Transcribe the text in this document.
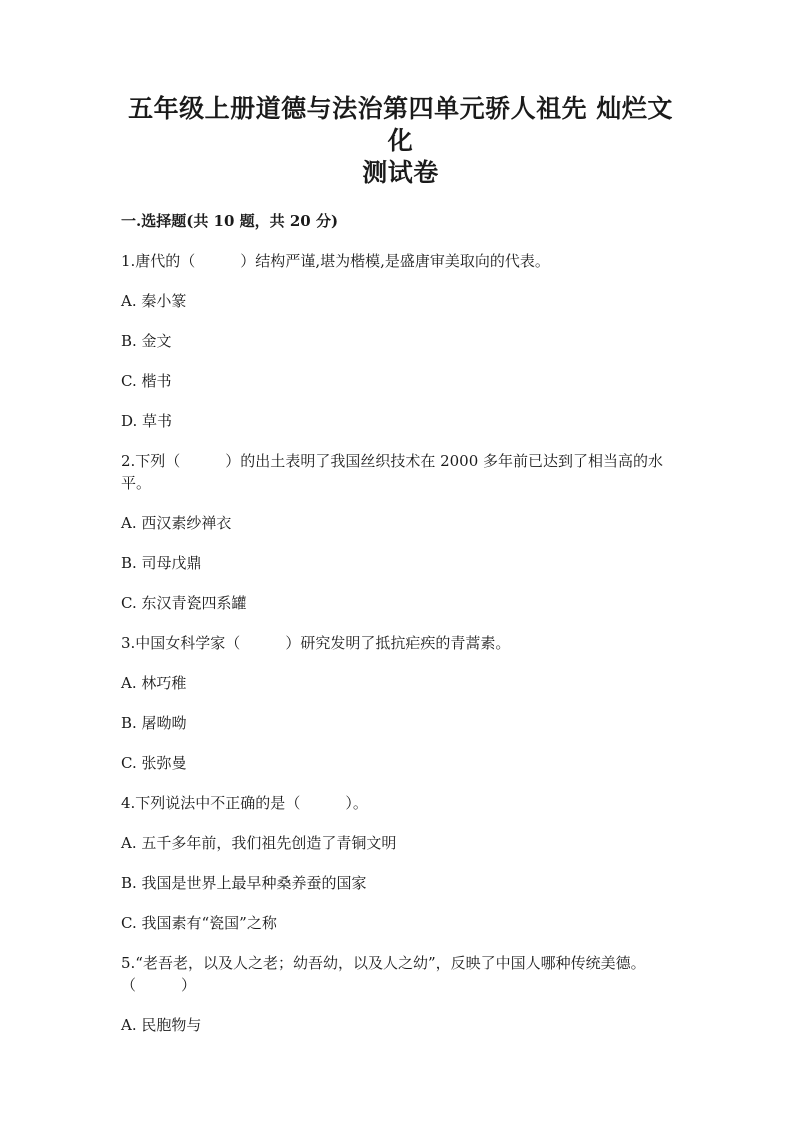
五年级上册道德与法治第四单元骄人祖先 灿烂文化
测试卷
一.选择题(共 10 题，共 20 分)

1.唐代的（　　　）结构严谨,堪为楷模,是盛唐审美取向的代表。

A. 秦小篆

B. 金文

C. 楷书

D. 草书

2.下列（　　　）的出土表明了我国丝织技术在 2000 多年前已达到了相当高的水平。

A. 西汉素纱禅衣

B. 司母戊鼎

C. 东汉青瓷四系罐

3.中国女科学家（　　　）研究发明了抵抗疟疾的青蒿素。

A. 林巧稚

B. 屠呦呦

C. 张弥曼

4.下列说法中不正确的是（　　　）。

A. 五千多年前，我们祖先创造了青铜文明

B. 我国是世界上最早种桑养蚕的国家

C. 我国素有“瓷国”之称

5.“老吾老，以及人之老；幼吾幼，以及人之幼”，反映了中国人哪种传统美德。（　　　）

A. 民胞物与
